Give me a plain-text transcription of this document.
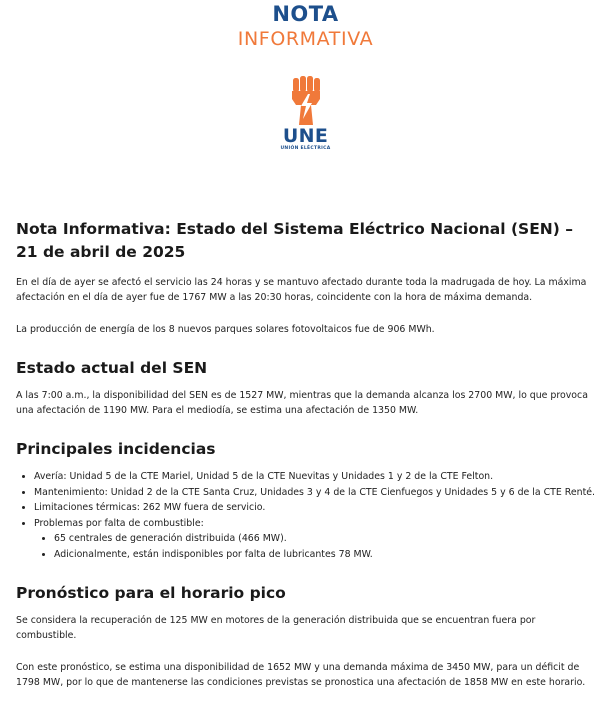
NOTA
INFORMATIVA
UNE
UNIÓN ELÉCTRICA
Nota Informativa: Estado del Sistema Eléctrico Nacional (SEN) – 21 de abril de 2025

En el día de ayer se afectó el servicio las 24 horas y se mantuvo afectado durante toda la madrugada de hoy. La máxima afectación en el día de ayer fue de 1767 MW a las 20:30 horas, coincidente con la hora de máxima demanda.

La producción de energía de los 8 nuevos parques solares fotovoltaicos fue de 906 MWh.

Estado actual del SEN

A las 7:00 a.m., la disponibilidad del SEN es de 1527 MW, mientras que la demanda alcanza los 2700 MW, lo que provoca una afectación de 1190 MW. Para el mediodía, se estima una afectación de 1350 MW.

Principales incidencias
• Avería: Unidad 5 de la CTE Mariel, Unidad 5 de la CTE Nuevitas y Unidades 1 y 2 de la CTE Felton.
• Mantenimiento: Unidad 2 de la CTE Santa Cruz, Unidades 3 y 4 de la CTE Cienfuegos y Unidades 5 y 6 de la CTE Renté.
• Limitaciones térmicas: 262 MW fuera de servicio.
• Problemas por falta de combustible:
• 65 centrales de generación distribuida (466 MW).
• Adicionalmente, están indisponibles por falta de lubricantes 78 MW.
Pronóstico para el horario pico

Se considera la recuperación de 125 MW en motores de la generación distribuida que se encuentran fuera por combustible.

Con este pronóstico, se estima una disponibilidad de 1652 MW y una demanda máxima de 3450 MW, para un déficit de 1798 MW, por lo que de mantenerse las condiciones previstas se pronostica una afectación de 1858 MW en este horario.
